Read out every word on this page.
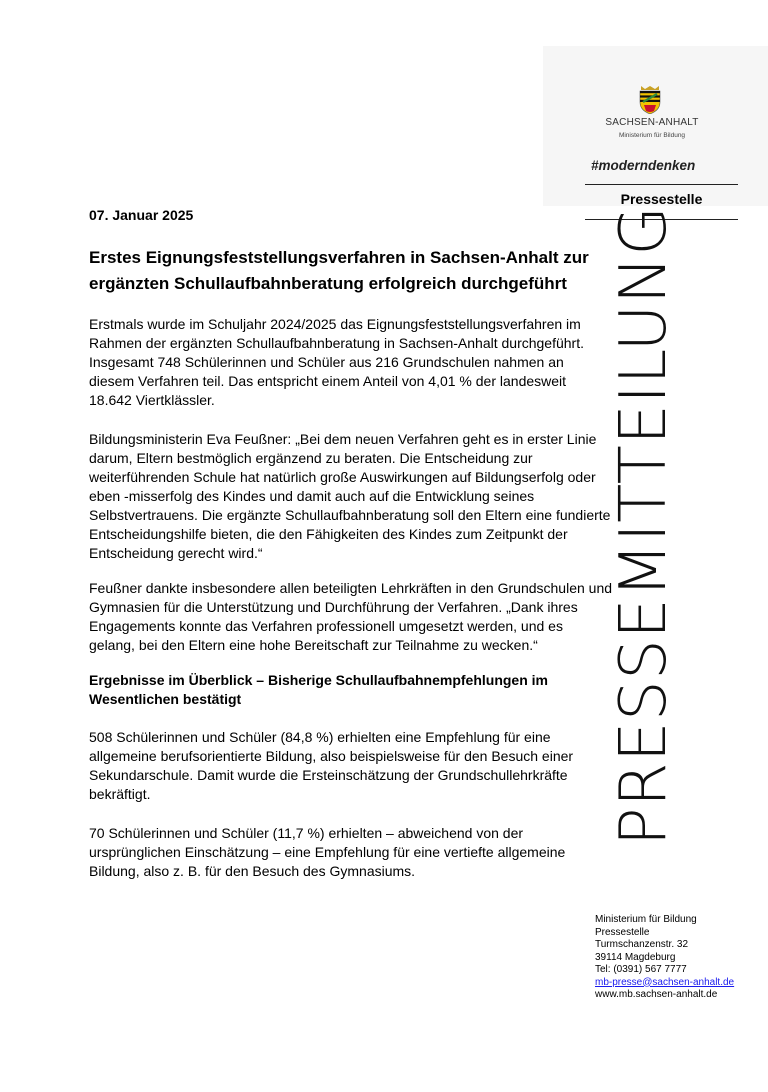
SACHSEN-ANHALT
Ministerium für Bildung
#moderndenken
Pressestelle
PRESSEMITTEILUNG
07. Januar 2025
Erstes Eignungsfeststellungsverfahren in Sachsen-Anhalt zur ergänzten Schullaufbahnberatung erfolgreich durchgeführt

Erstmals wurde im Schuljahr 2024/2025 das Eignungsfeststellungsverfahren im
Rahmen der ergänzten Schullaufbahnberatung in Sachsen-Anhalt durchgeführt.
Insgesamt 748 Schülerinnen und Schüler aus 216 Grundschulen nahmen an
diesem Verfahren teil. Das entspricht einem Anteil von 4,01 % der landesweit
18.642 Viertklässler.

Bildungsministerin Eva Feußner: „Bei dem neuen Verfahren geht es in erster Linie
darum, Eltern bestmöglich ergänzend zu beraten. Die Entscheidung zur
weiterführenden Schule hat natürlich große Auswirkungen auf Bildungserfolg oder
eben -misserfolg des Kindes und damit auch auf die Entwicklung seines
Selbstvertrauens. Die ergänzte Schullaufbahnberatung soll den Eltern eine fundierte
Entscheidungshilfe bieten, die den Fähigkeiten des Kindes zum Zeitpunkt der
Entscheidung gerecht wird.“

Feußner dankte insbesondere allen beteiligten Lehrkräften in den Grundschulen und
Gymnasien für die Unterstützung und Durchführung der Verfahren. „Dank ihres
Engagements konnte das Verfahren professionell umgesetzt werden, und es
gelang, bei den Eltern eine hohe Bereitschaft zur Teilnahme zu wecken.“

Ergebnisse im Überblick – Bisherige Schullaufbahnempfehlungen im
Wesentlichen bestätigt

508 Schülerinnen und Schüler (84,8 %) erhielten eine Empfehlung für eine
allgemeine berufsorientierte Bildung, also beispielsweise für den Besuch einer
Sekundarschule. Damit wurde die Ersteinschätzung der Grundschullehrkräfte
bekräftigt.

70 Schülerinnen und Schüler (11,7 %) erhielten – abweichend von der
ursprünglichen Einschätzung – eine Empfehlung für eine vertiefte allgemeine
Bildung, also z. B. für den Besuch des Gymnasiums.

Ministerium für Bildung
Pressestelle
Turmschanzenstr. 32
39114 Magdeburg
Tel: (0391) 567 7777
mb-presse@sachsen-anhalt.de
www.mb.sachsen-anhalt.de
